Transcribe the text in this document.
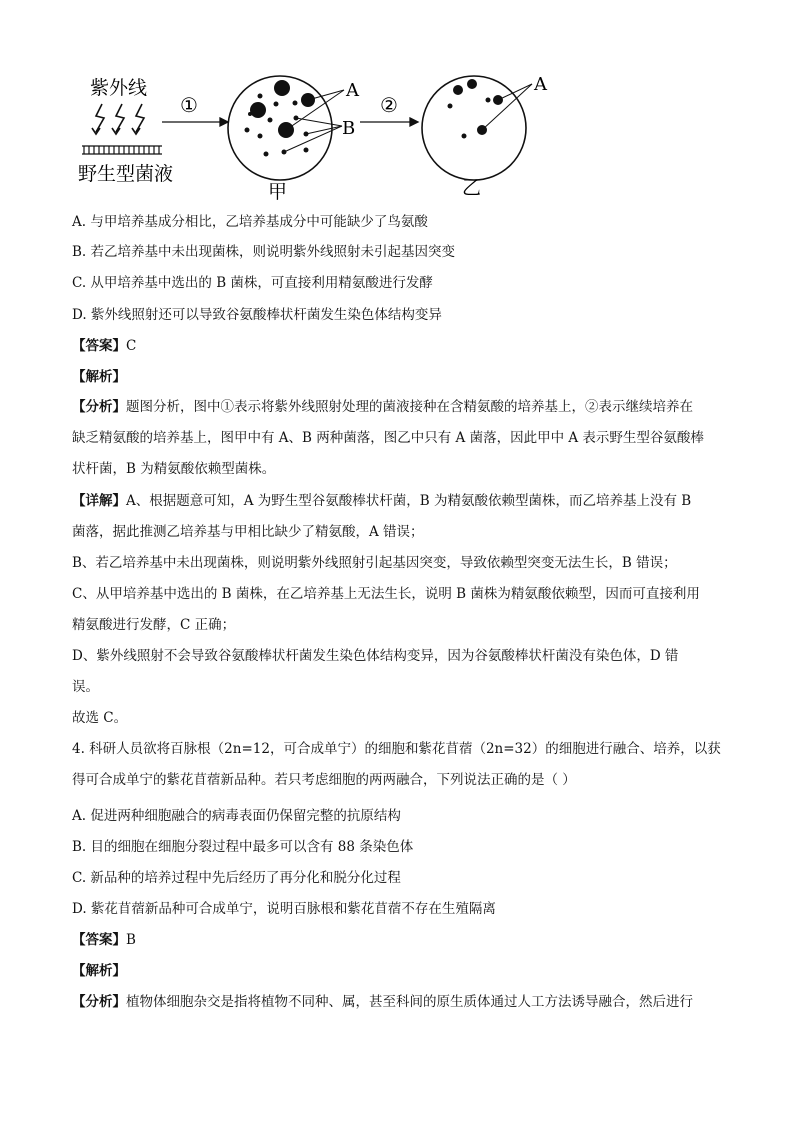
紫外线
野生型菌液
①
A
B
甲
②
A
乙
A. 与甲培养基成分相比，乙培养基成分中可能缺少了鸟氨酸
B. 若乙培养基中未出现菌株，则说明紫外线照射未引起基因突变
C. 从甲培养基中选出的 B 菌株，可直接利用精氨酸进行发酵
D. 紫外线照射还可以导致谷氨酸棒状杆菌发生染色体结构变异
【答案】C
【解析】
【分析】题图分析，图中①表示将紫外线照射处理的菌液接种在含精氨酸的培养基上，②表示继续培养在
缺乏精氨酸的培养基上，图甲中有 A、B 两种菌落，图乙中只有 A 菌落，因此甲中 A 表示野生型谷氨酸棒
状杆菌，B 为精氨酸依赖型菌株。
【详解】A、根据题意可知，A 为野生型谷氨酸棒状杆菌，B 为精氨酸依赖型菌株，而乙培养基上没有 B
菌落，据此推测乙培养基与甲相比缺少了精氨酸，A 错误；
B、若乙培养基中未出现菌株，则说明紫外线照射引起基因突变，导致依赖型突变无法生长，B 错误；
C、从甲培养基中选出的 B 菌株，在乙培养基上无法生长，说明 B 菌株为精氨酸依赖型，因而可直接利用
精氨酸进行发酵，C 正确；
D、紫外线照射不会导致谷氨酸棒状杆菌发生染色体结构变异，因为谷氨酸棒状杆菌没有染色体，D 错
误。
故选 C。
4. 科研人员欲将百脉根（2n=12，可合成单宁）的细胞和紫花苜蓿（2n=32）的细胞进行融合、培养，以获
得可合成单宁的紫花苜蓿新品种。若只考虑细胞的两两融合，下列说法正确的是（ ）
A. 促进两种细胞融合的病毒表面仍保留完整的抗原结构
B. 目的细胞在细胞分裂过程中最多可以含有 88 条染色体
C. 新品种的培养过程中先后经历了再分化和脱分化过程
D. 紫花苜蓿新品种可合成单宁，说明百脉根和紫花苜蓿不存在生殖隔离
【答案】B
【解析】
【分析】植物体细胞杂交是指将植物不同种、属，甚至科间的原生质体通过人工方法诱导融合，然后进行
